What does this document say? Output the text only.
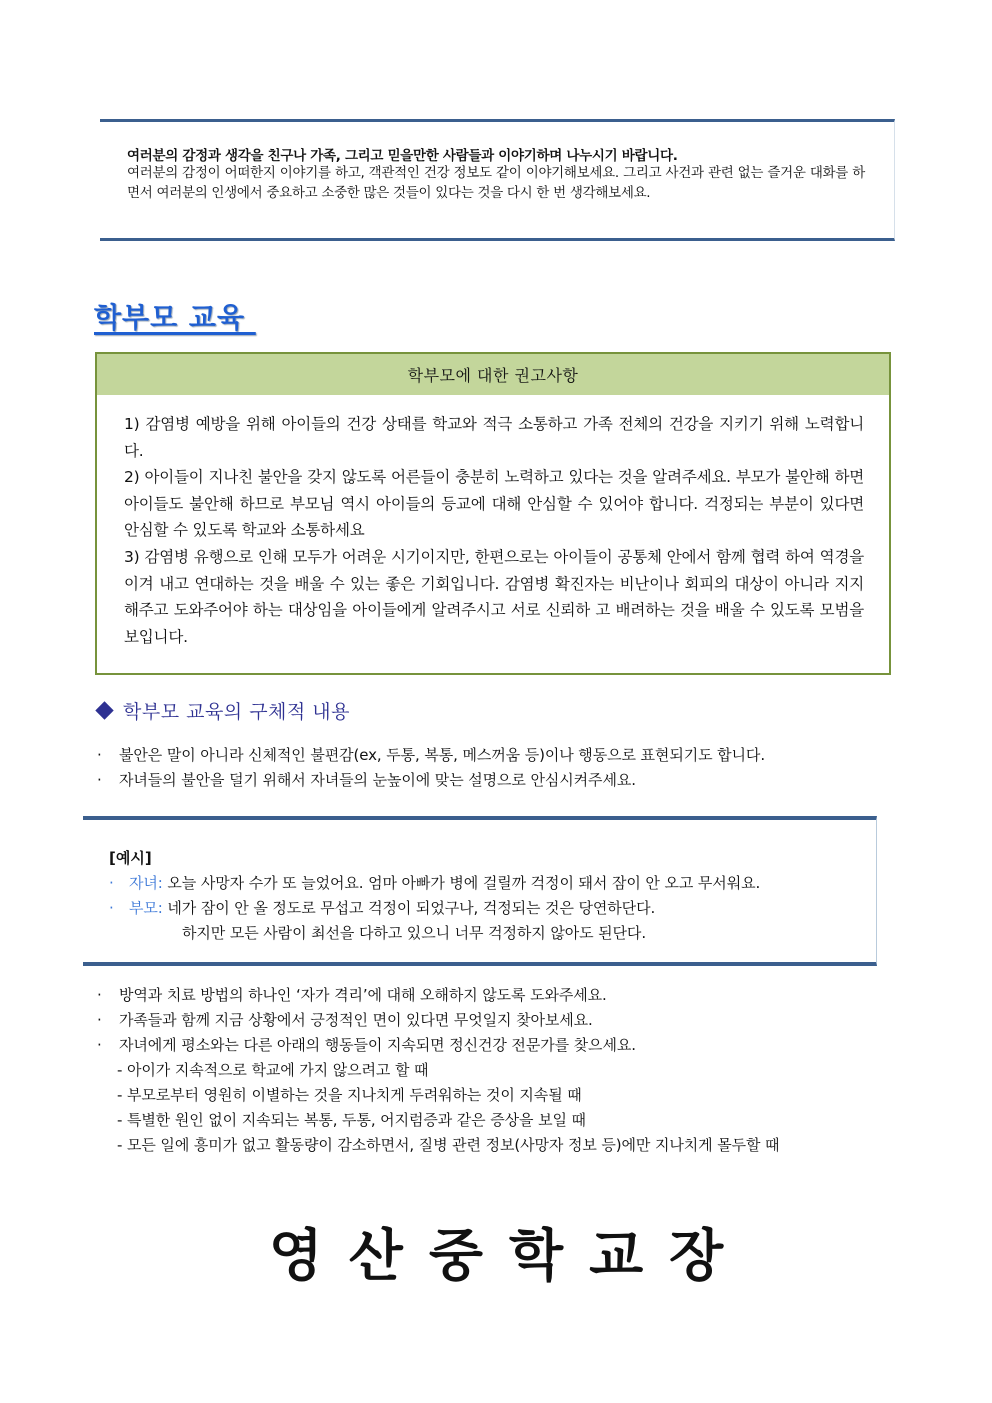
여러분의 감정과 생각을 친구나 가족, 그리고 믿을만한 사람들과 이야기하며 나누시기 바랍니다.
여러분의 감정이 어떠한지 이야기를 하고, 객관적인 건강 정보도 같이 이야기해보세요. 그리고 사건과 관련 없는 즐거운 대화를 하면서 여러분의 인생에서 중요하고 소중한 많은 것들이 있다는 것을 다시 한 번 생각해보세요.
학부모 교육
학부모에 대한 권고사항

1) 감염병 예방을 위해 아이들의 건강 상태를 학교와 적극 소통하고 가족 전체의 건강을 지키기 위해 노력합니다.

2) 아이들이 지나친 불안을 갖지 않도록 어른들이 충분히 노력하고 있다는 것을 알려주세요. 부모가 불안해 하면 아이들도 불안해 하므로 부모님 역시 아이들의 등교에 대해 안심할 수 있어야 합니다. 걱정되는 부분이 있다면 안심할 수 있도록 학교와 소통하세요

3) 감염병 유행으로 인해 모두가 어려운 시기이지만, 한편으로는 아이들이 공통체 안에서 함께 협력 하여 역경을 이겨 내고 연대하는 것을 배울 수 있는 좋은 기회입니다. 감염병 확진자는 비난이나 회피의 대상이 아니라 지지해주고 도와주어야 하는 대상임을 아이들에게 알려주시고 서로 신뢰하 고 배려하는 것을 배울 수 있도록 모범을 보입니다.

학부모 교육의 구체적 내용
·	불안은 말이 아니라 신체적인 불편감(ex, 두통, 복통, 메스꺼움 등)이나 행동으로 표현되기도 합니다.
·	자녀들의 불안을 덜기 위해서 자녀들의 눈높이에 맞는 설명으로 안심시켜주세요.
[예시]
· 자녀: 오늘 사망자 수가 또 늘었어요. 엄마 아빠가 병에 걸릴까 걱정이 돼서 잠이 안 오고 무서워요.
· 부모: 네가 잠이 안 올 정도로 무섭고 걱정이 되었구나, 걱정되는 것은 당연하단다.
하지만 모든 사람이 최선을 다하고 있으니 너무 걱정하지 않아도 된단다.
·	방역과 치료 방법의 하나인 ‘자가 격리’에 대해 오해하지 않도록 도와주세요.
·	가족들과 함께 지금 상황에서 긍정적인 면이 있다면 무엇일지 찾아보세요.
·	자녀에게 평소와는 다른 아래의 행동들이 지속되면 정신건강 전문가를 찾으세요.
- 아이가 지속적으로 학교에 가지 않으려고 할 때
- 부모로부터 영원히 이별하는 것을 지나치게 두려워하는 것이 지속될 때
- 특별한 원인 없이 지속되는 복통, 두통, 어지럼증과 같은 증상을 보일 때
- 모든 일에 흥미가 없고 활동량이 감소하면서, 질병 관련 정보(사망자 정보 등)에만 지나치게 몰두할 때
영산중학교장
